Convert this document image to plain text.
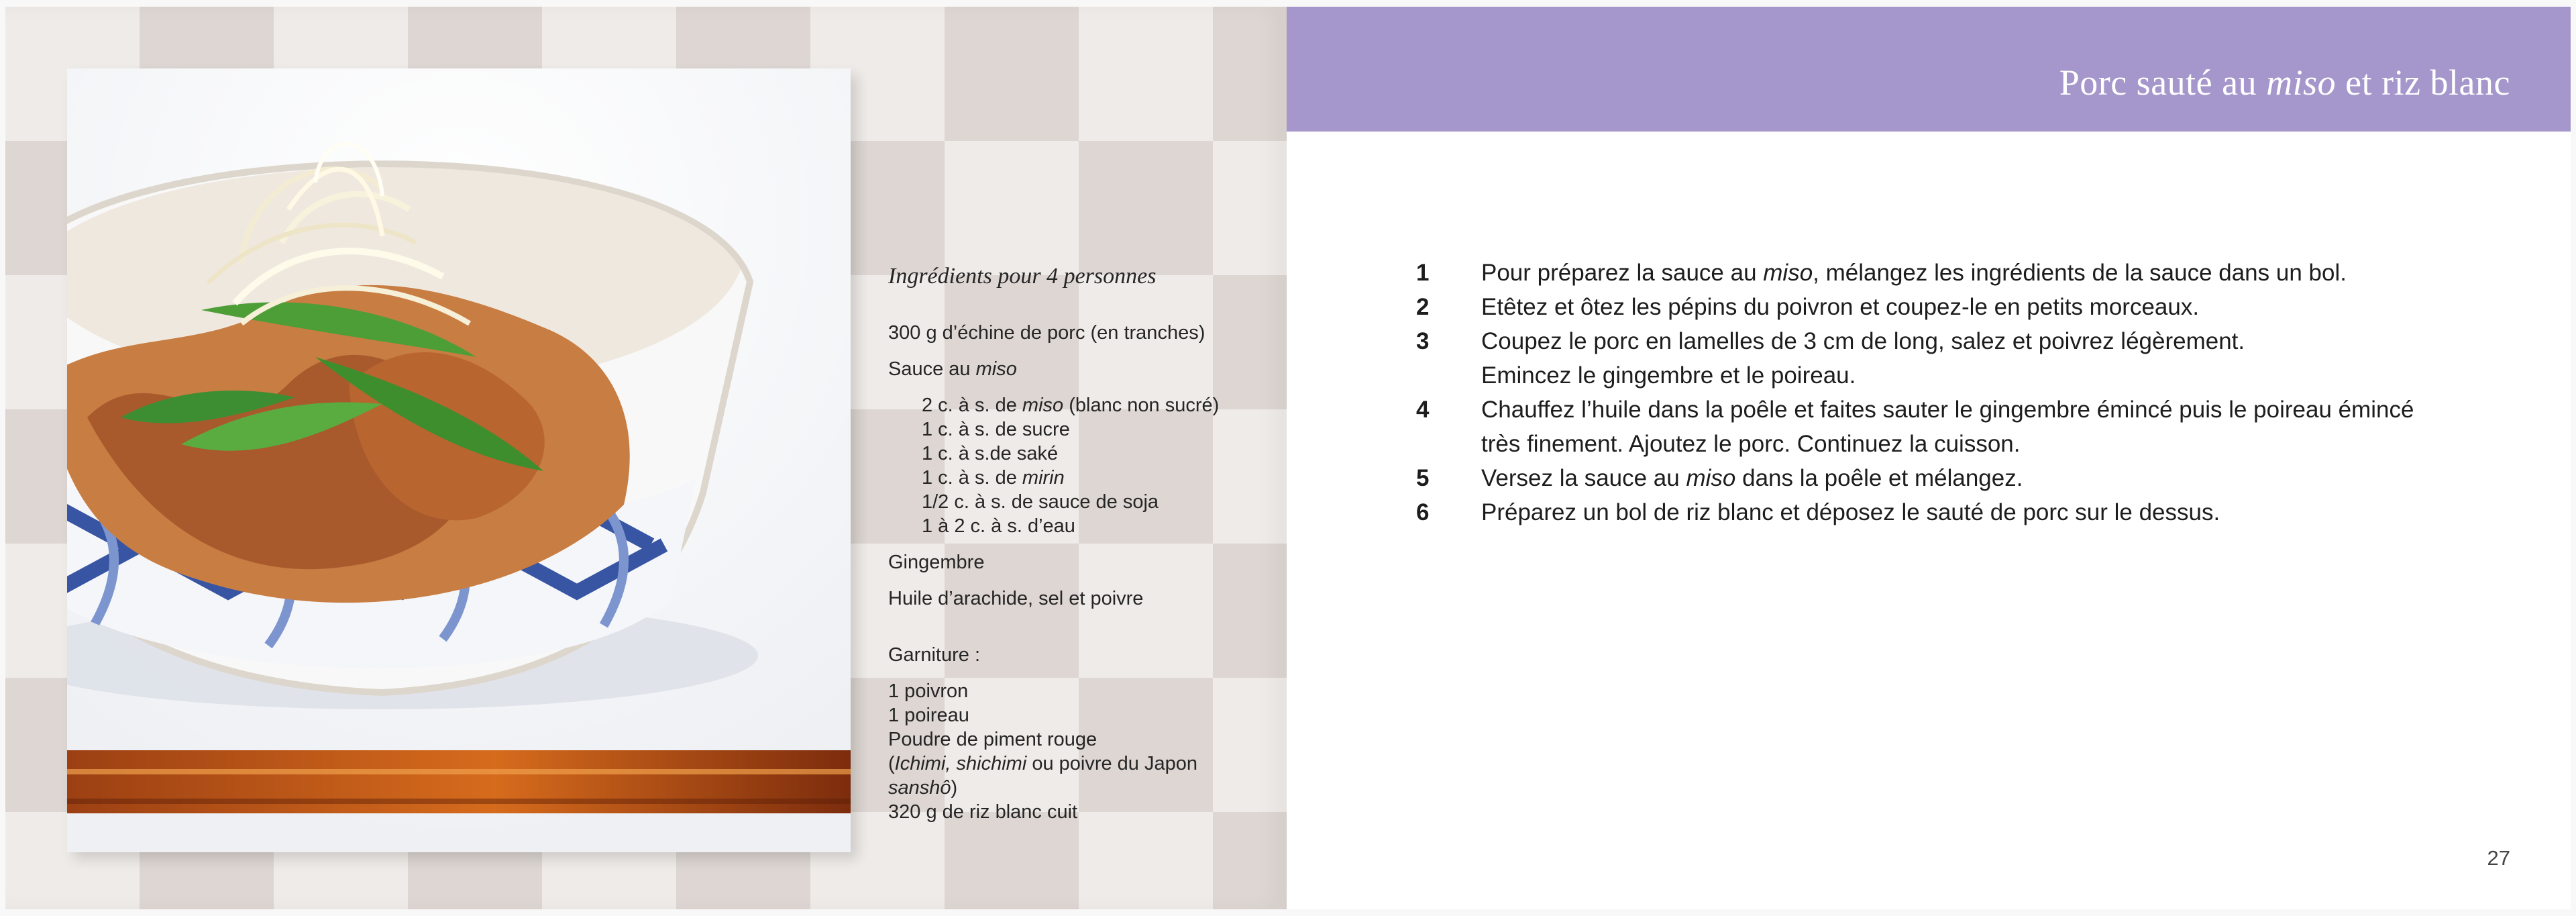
Ingrédients pour 4 personnes
300 g d’échine de porc (en tranches)
Sauce au miso
2 c. à s. de miso (blanc non sucré)
1 c. à s. de sucre
1 c. à s.de saké
1 c. à s. de mirin
1/2 c. à s. de sauce de soja
1 à 2 c. à s. d’eau
Gingembre
Huile d’arachide, sel et poivre
Garniture :
1 poivron
1 poireau
Poudre de piment rouge
(Ichimi, shichimi ou poivre du Japon
sanshô)
320 g de riz blanc cuit
Porc sauté au miso et riz blanc
1	Pour préparez la sauce au miso, mélangez les ingrédients de la sauce dans un bol.
2	Etêtez et ôtez les pépins du poivron et coupez-le en petits morceaux.
3	Coupez le porc en lamelles de 3 cm de long, salez et poivrez légèrement.
Emincez le gingembre et le poireau.
4	Chauffez l’huile dans la poêle et faites sauter le gingembre émincé puis le poireau émincé
très finement. Ajoutez le porc. Continuez la cuisson.
5	Versez la sauce au miso dans la poêle et mélangez.
6	Préparez un bol de riz blanc et déposez le sauté de porc sur le dessus.
27
